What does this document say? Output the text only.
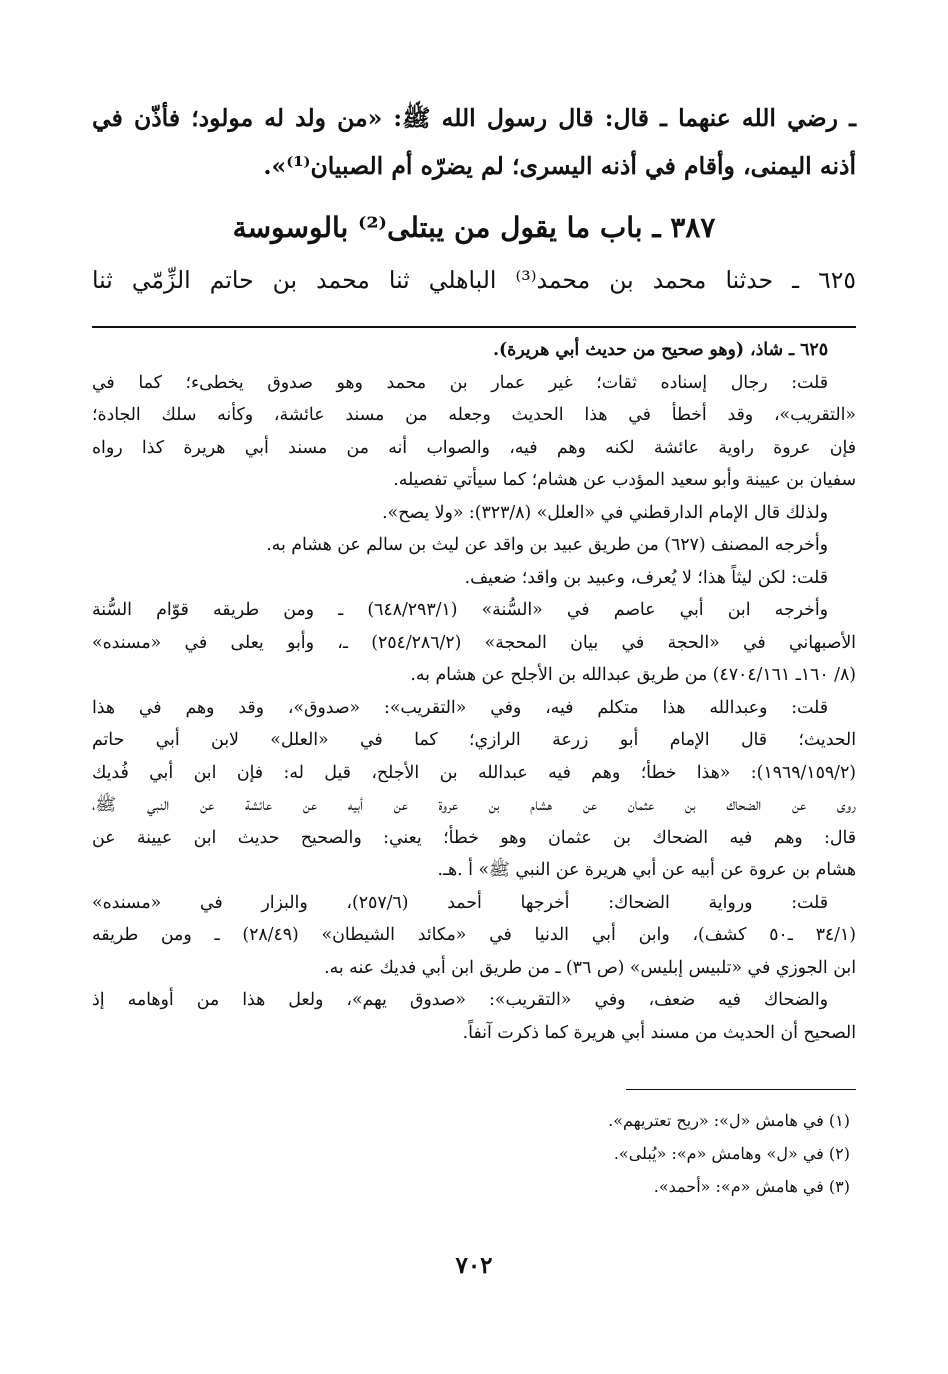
ـ رضي الله عنهما ـ قال: قال رسول الله ﷺ: «من ولد له مولود؛ فأذّن في
أذنه اليمنى، وأقام في أذنه اليسرى؛ لم يضرّه أم الصبيان⁽¹⁾».
٣٨٧ ـ باب ما يقول من يبتلى⁽²⁾ بالوسوسة
٦٢٥ ـ حدثنا محمد بن محمد⁽³⁾ الباهلي ثنا محمد بن حاتم الزِّمّي ثنا
٦٢٥ ـ شاذ، (وهو صحيح من حديث أبي هريرة).
قلت: رجال إسناده ثقات؛ غير عمار بن محمد وهو صدوق يخطىء؛ كما في
«التقريب»، وقد أخطأ في هذا الحديث وجعله من مسند عائشة، وكأنه سلك الجادة؛
فإن عروة راوية عائشة لكنه وهم فيه، والصواب أنه من مسند أبي هريرة كذا رواه
سفيان بن عيينة وأبو سعيد المؤدب عن هشام؛ كما سيأتي تفصيله.
ولذلك قال الإمام الدارقطني في «العلل» (٣٢٣/٨): «ولا يصح».
وأخرجه المصنف (٦٢٧) من طريق عبيد بن واقد عن ليث بن سالم عن هشام به.
قلت: لكن ليثاً هذا؛ لا يُعرف، وعبيد بن واقد؛ ضعيف.
وأخرجه ابن أبي عاصم في «السُّنة» (٦٤٨/٢٩٣/١) ـ ومن طريقه قوّام السُّنة
الأصبهاني في «الحجة في بيان المحجة» (٢٥٤/٢٨٦/٢) ـ، وأبو يعلى في «مسنده»
(٨/ ١٦٠ـ ٤٧٠٤/١٦١) من طريق عبدالله بن الأجلح عن هشام به.
قلت: وعبدالله هذا متكلم فيه، وفي «التقريب»: «صدوق»، وقد وهم في هذا
الحديث؛ قال الإمام أبو زرعة الرازي؛ كما في «العلل» لابن أبي حاتم
(١٩٦٩/١٥٩/٢): «هذا خطأ؛ وهم فيه عبدالله بن الأجلح، قيل له: فإن ابن أبي فُديك
روى عن الضحاك بن عثمان عن هشام بن عروة عن أبيه عن عائشة عن النبي ﷺ،
قال: وهم فيه الضحاك بن عثمان وهو خطأ؛ يعني: والصحيح حديث ابن عيينة عن
هشام بن عروة عن أبيه عن أبي هريرة عن النبي ﷺ» أ .هـ.
قلت: ورواية الضحاك: أخرجها أحمد (٢٥٧/٦)، والبزار في «مسنده»
(٣٤/١ ـ٥٠ كشف)، وابن أبي الدنيا في «مكائد الشيطان» (٢٨/٤٩) ـ ومن طريقه
ابن الجوزي في «تلبيس إبليس» (ص ٣٦) ـ من طريق ابن أبي فديك عنه به.
والضحاك فيه ضعف، وفي «التقريب»: «صدوق يهم»، ولعل هذا من أوهامه إذ
الصحيح أن الحديث من مسند أبي هريرة كما ذكرت آنفاً.
(١) في هامش «ل»: «ريح تعتريهم».
(٢) في «ل» وهامش «م»: «يُبلى».
(٣) في هامش «م»: «أحمد».
٧٠٢
